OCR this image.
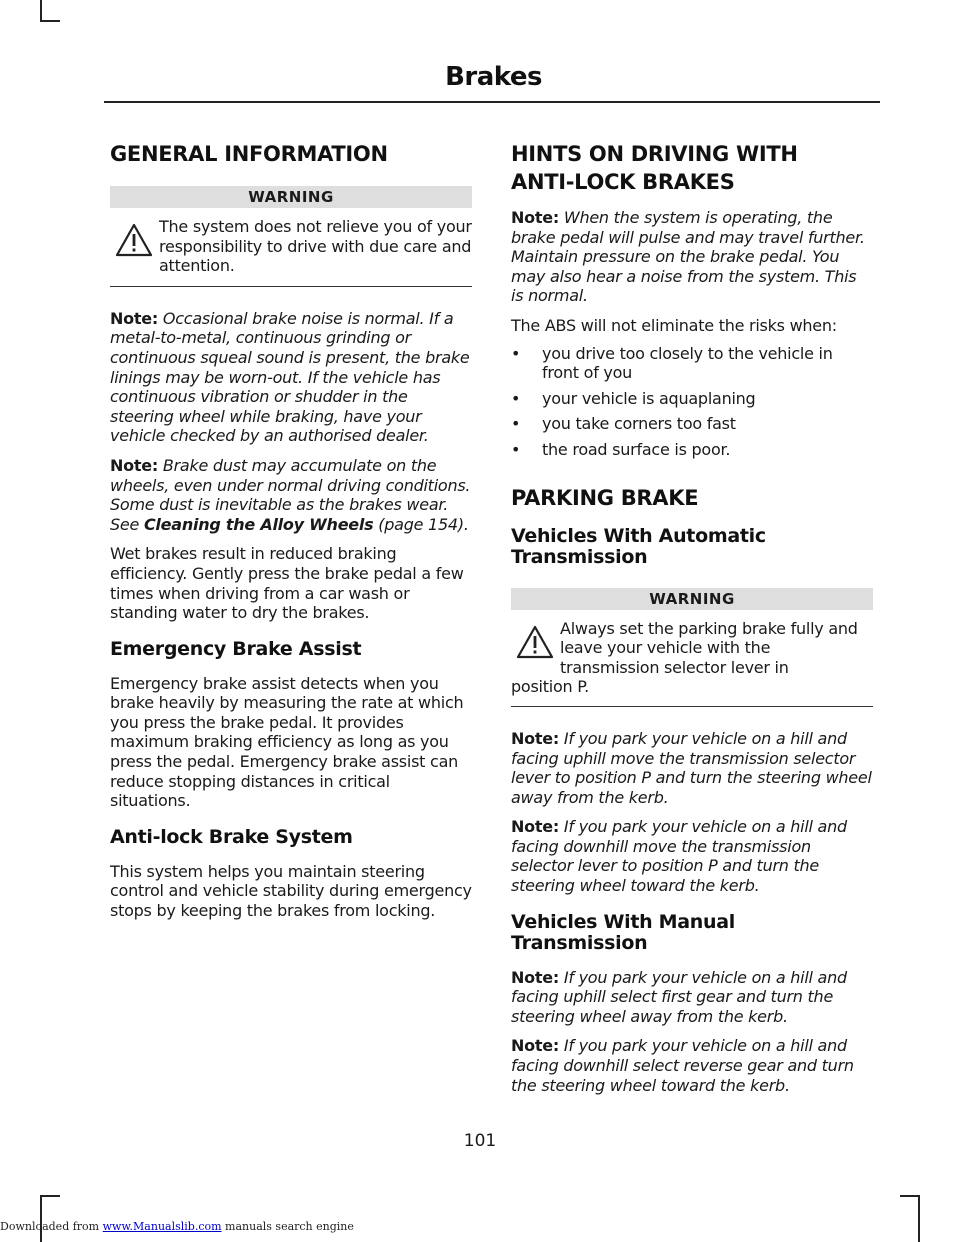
Brakes
GENERAL INFORMATION
WARNING

The system does not relieve you of your responsibility to drive with due care and attention.

Note: Occasional brake noise is normal. If a metal-to-metal, continuous grinding or continuous squeal sound is present, the brake linings may be worn-out. If the vehicle has continuous vibration or shudder in the steering wheel while braking, have your vehicle checked by an authorised dealer.

Note: Brake dust may accumulate on the wheels, even under normal driving conditions. Some dust is inevitable as the brakes wear. See Cleaning the Alloy Wheels (page 154).

Wet brakes result in reduced braking efficiency. Gently press the brake pedal a few times when driving from a car wash or standing water to dry the brakes.

Emergency Brake Assist

Emergency brake assist detects when you brake heavily by measuring the rate at which you press the brake pedal. It provides maximum braking efficiency as long as you press the pedal. Emergency brake assist can reduce stopping distances in critical situations.

Anti-lock Brake System

This system helps you maintain steering control and vehicle stability during emergency stops by keeping the brakes from locking.

HINTS ON DRIVING WITH
ANTI-LOCK BRAKES

Note: When the system is operating, the brake pedal will pulse and may travel further. Maintain pressure on the brake pedal. You may also hear a noise from the system. This is normal.

The ABS will not eliminate the risks when:

• you drive too closely to the vehicle in front of you
• your vehicle is aquaplaning
• you take corners too fast
• the road surface is poor.
PARKING BRAKE
Vehicles With Automatic
Transmission
WARNING

Always set the parking brake fully and leave your vehicle with the transmission selector lever in

position P.

Note: If you park your vehicle on a hill and facing uphill move the transmission selector lever to position P and turn the steering wheel away from the kerb.

Note: If you park your vehicle on a hill and facing downhill move the transmission selector lever to position P and turn the steering wheel toward the kerb.

Vehicles With Manual
Transmission

Note: If you park your vehicle on a hill and facing uphill select first gear and turn the steering wheel away from the kerb.

Note: If you park your vehicle on a hill and facing downhill select reverse gear and turn the steering wheel toward the kerb.

101
Downloaded from www.Manualslib.com manuals search engine
